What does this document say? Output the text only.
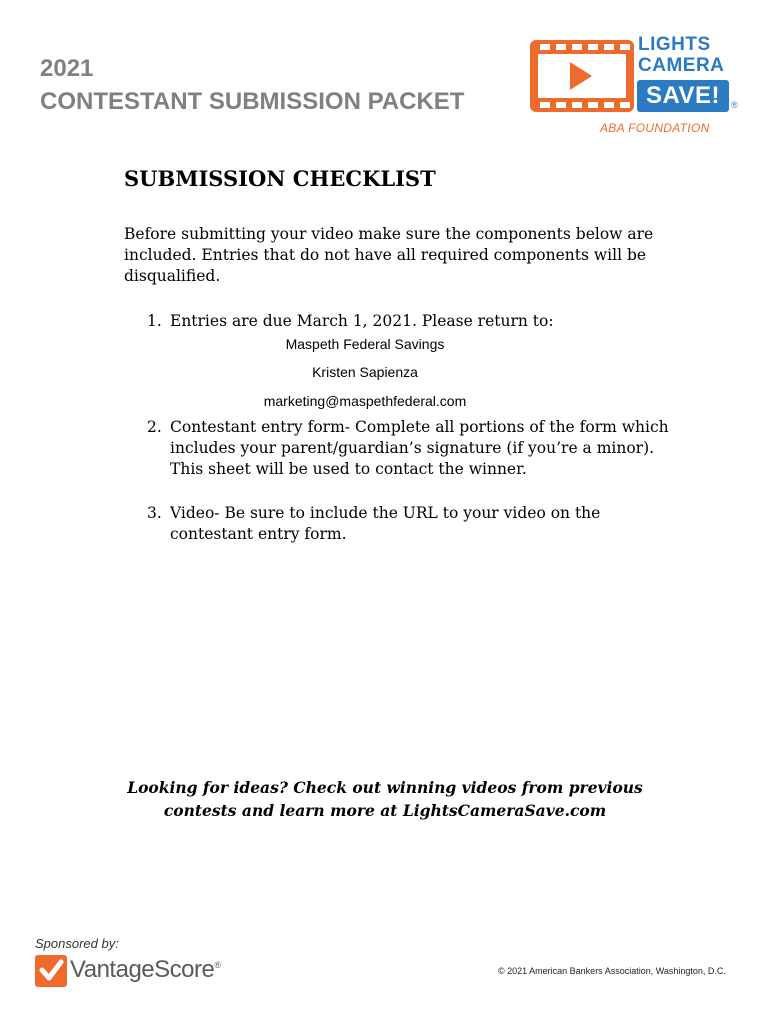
2021
CONTESTANT SUBMISSION PACKET
LIGHTS
CAMERA
SAVE!	®
ABA FOUNDATION
SUBMISSION CHECKLIST
Before submitting your video make sure the components below are included. Entries that do not have all required components will be disqualified.
1. Entries are due March 1, 2021. Please return to:
Maspeth Federal Savings
Kristen Sapienza
marketing@maspethfederal.com
2. Contestant entry form- Complete all portions of the form which includes your parent/guardian’s signature (if you’re a minor). This sheet will be used to contact the winner.
3. Video- Be sure to include the URL to your video on the contestant entry form.
Looking for ideas? Check out winning videos from previous
contests and learn more at LightsCameraSave.com
Sponsored by:
VantageScore®
© 2021 American Bankers Association, Washington, D.C.
